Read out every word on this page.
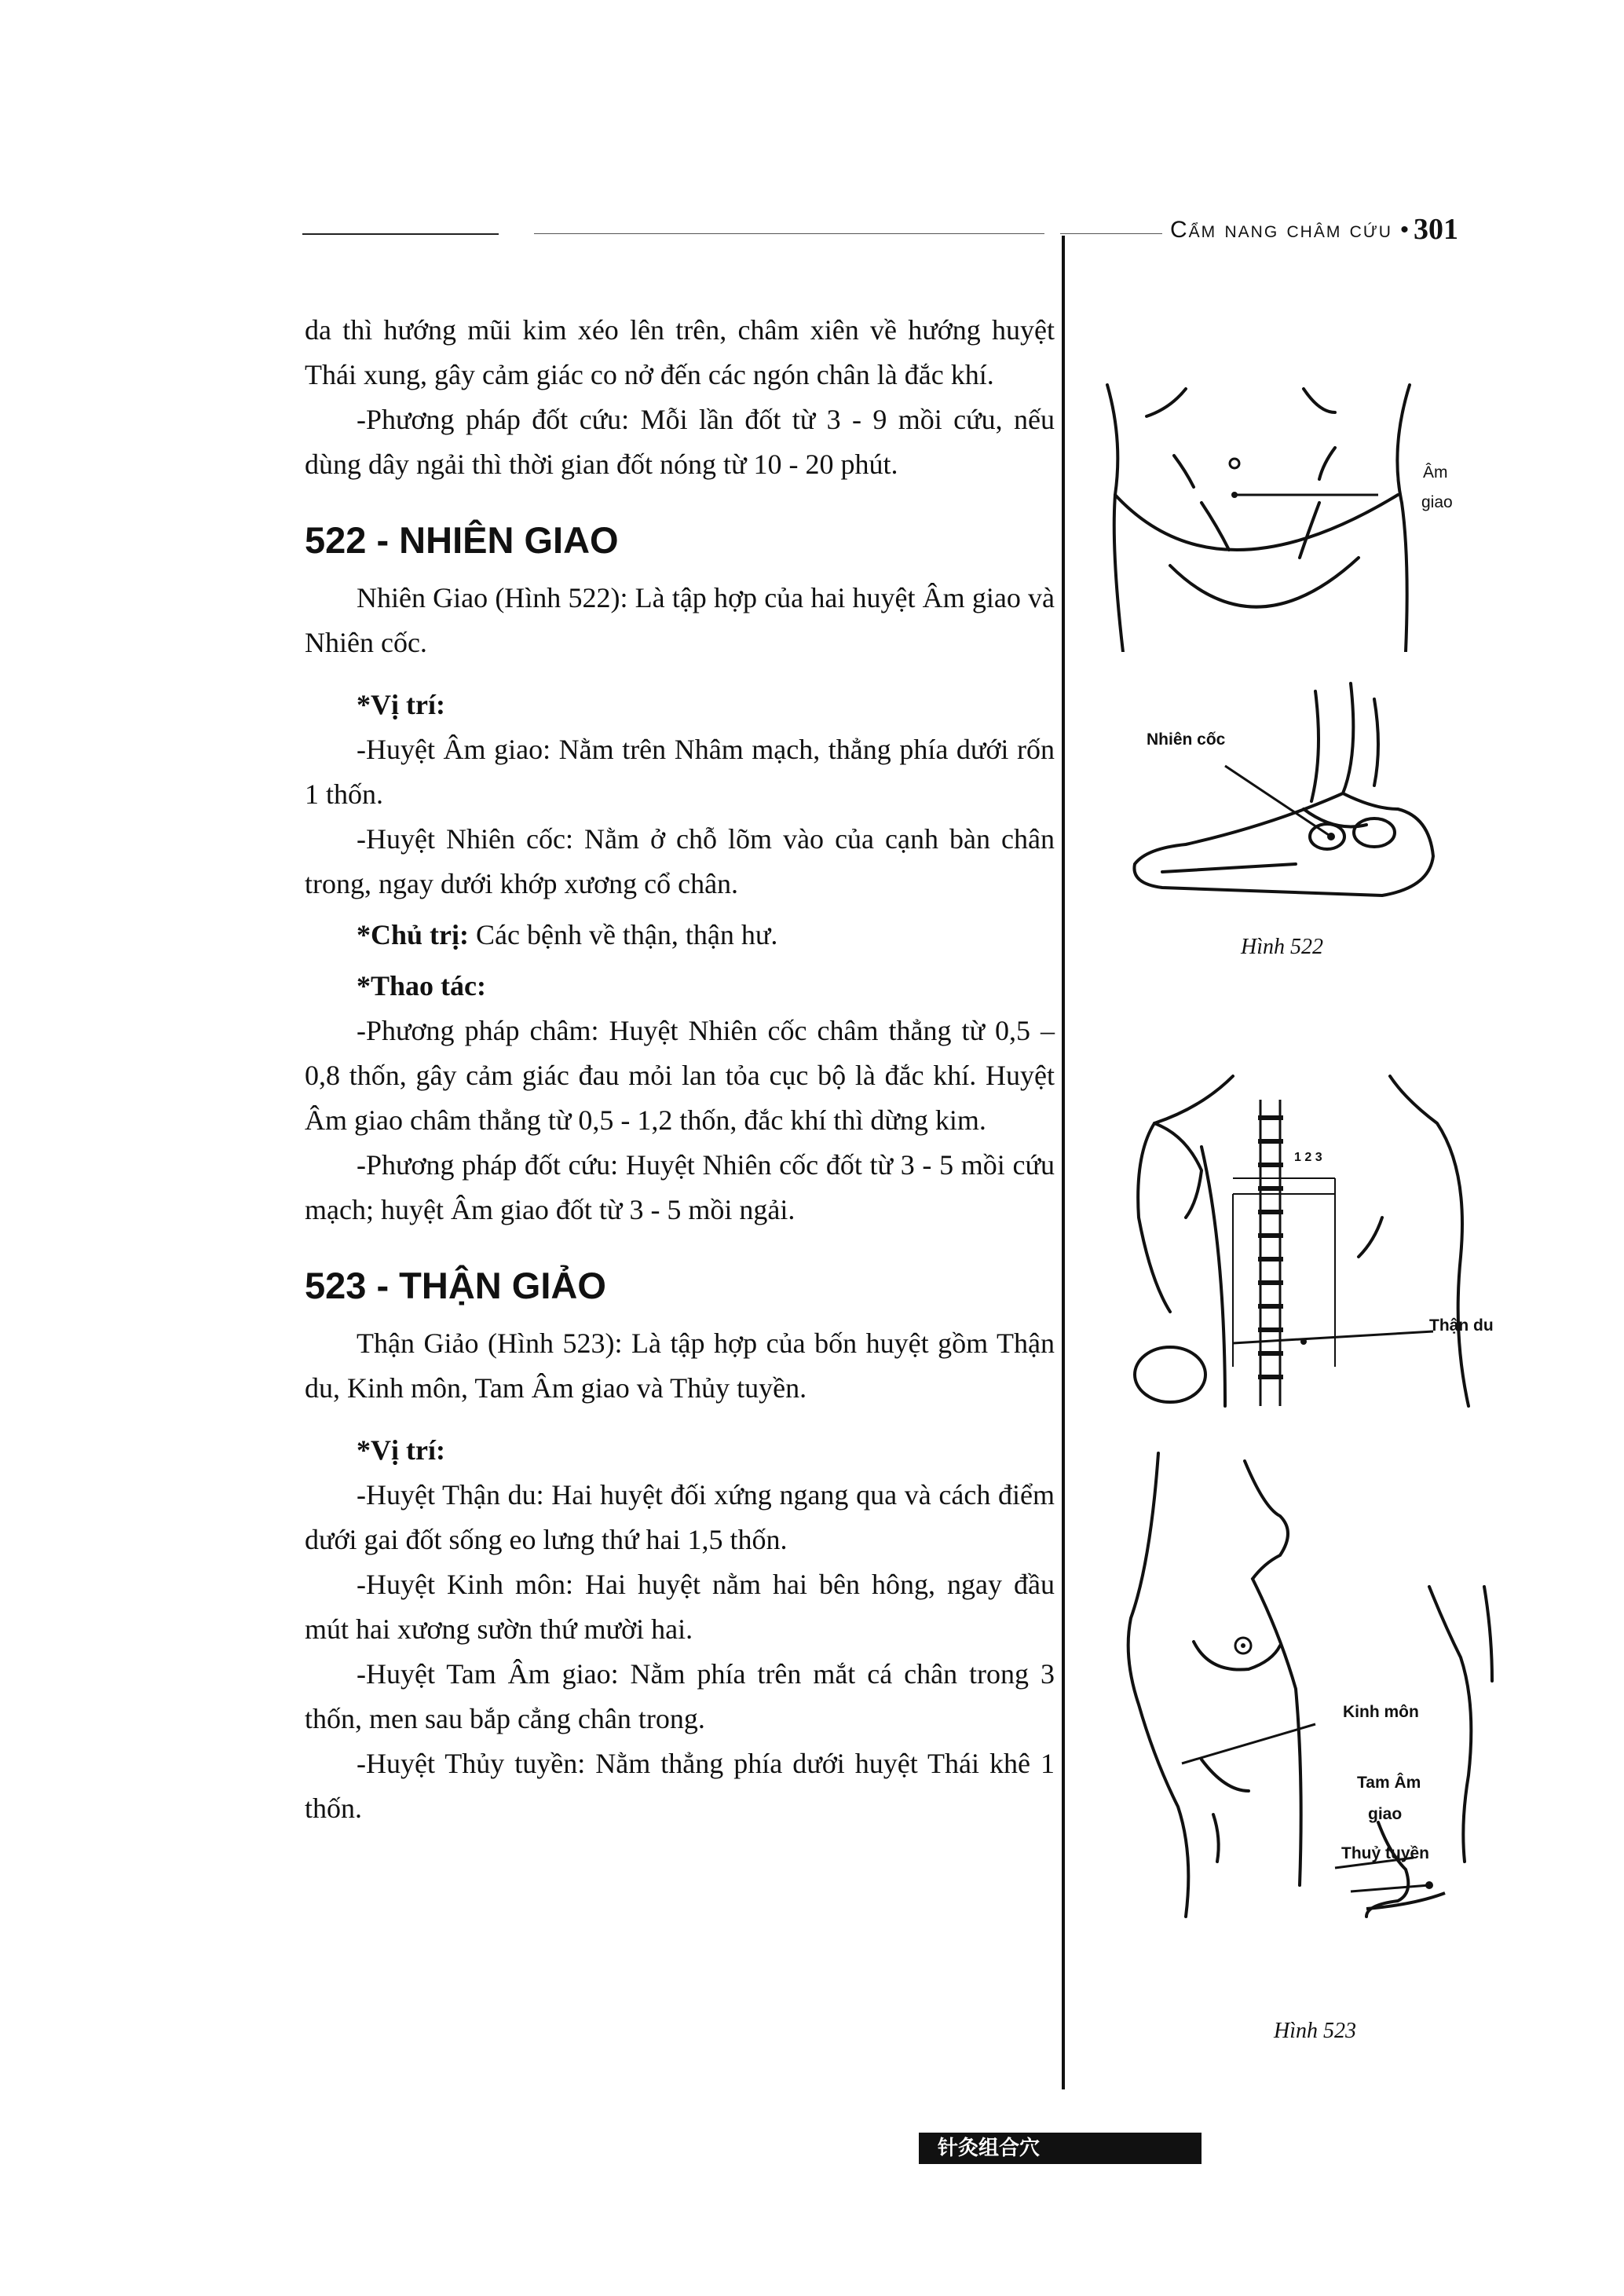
Cẩm nang châm cứu • 301

da thì hướng mũi kim xéo lên trên, châm xiên về hướng huyệt Thái xung, gây cảm giác co nở đến các ngón chân là đắc khí.

-Phương pháp đốt cứu: Mỗi lần đốt từ 3 - 9 mồi cứu, nếu dùng dây ngải thì thời gian đốt nóng từ 10 - 20 phút.

522 - NHIÊN GIAO

Nhiên Giao (Hình 522): Là tập hợp của hai huyệt Âm giao và Nhiên cốc.

*Vị trí:

-Huyệt Âm giao: Nằm trên Nhâm mạch, thẳng phía dưới rốn 1 thốn.

-Huyệt Nhiên cốc: Nằm ở chỗ lõm vào của cạnh bàn chân trong, ngay dưới khớp xương cổ chân.

*Chủ trị: Các bệnh về thận, thận hư.

*Thao tác:

-Phương pháp châm: Huyệt Nhiên cốc châm thẳng từ 0,5 – 0,8 thốn, gây cảm giác đau mỏi lan tỏa cục bộ là đắc khí. Huyệt Âm giao châm thẳng từ 0,5 - 1,2 thốn, đắc khí thì dừng kim.

-Phương pháp đốt cứu: Huyệt Nhiên cốc đốt từ 3 - 5 mồi cứu mạch; huyệt Âm giao đốt từ 3 - 5 mồi ngải.

523 - THẬN GIẢO

Thận Giảo (Hình 523): Là tập hợp của bốn huyệt gồm Thận du, Kinh môn, Tam Âm giao và Thủy tuyền.

*Vị trí:

-Huyệt Thận du: Hai huyệt đối xứng ngang qua và cách điểm dưới gai đốt sống eo lưng thứ hai 1,5 thốn.

-Huyệt Kinh môn: Hai huyệt nằm hai bên hông, ngay đầu mút hai xương sườn thứ mười hai.

-Huyệt Tam Âm giao: Nằm phía trên mắt cá chân trong 3 thốn, men sau bắp cẳng chân trong.

-Huyệt Thủy tuyền: Nằm thẳng phía dưới huyệt Thái khê 1 thốn.

Âm
giao
Nhiên cốc
Hình 522
1 2 3
Thận du
Kinh môn
Tam Âm
giao
Thuỷ tuyền
Hình 523
针灸组合穴
